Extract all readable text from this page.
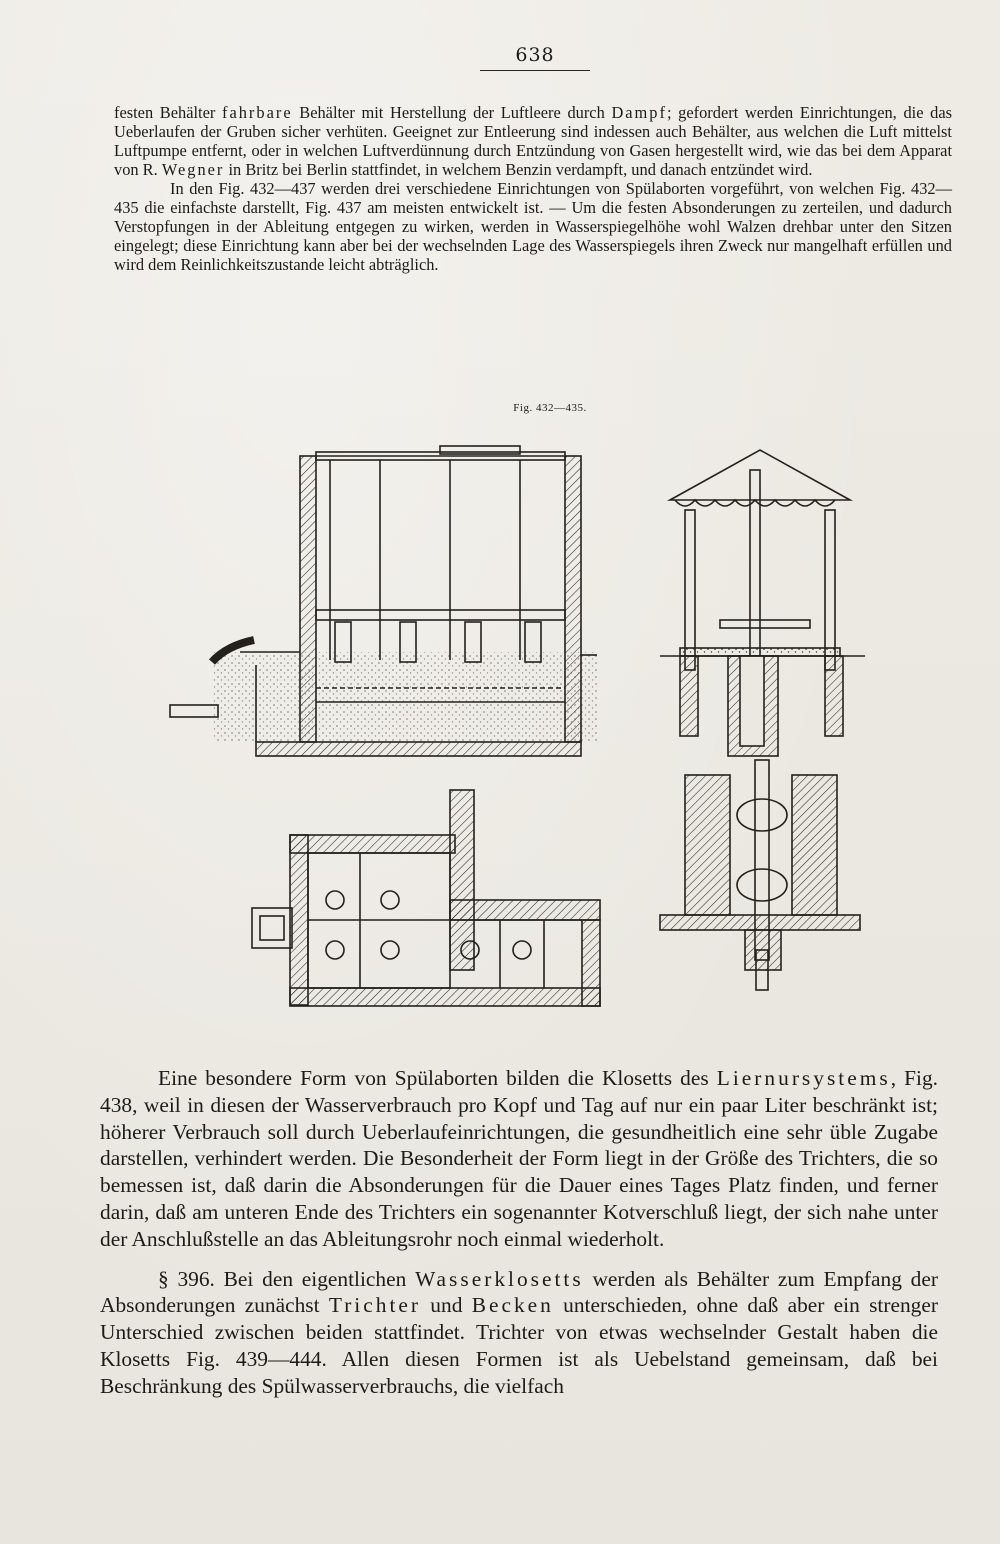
638

festen Behälter fahrbare Behälter mit Herstellung der Luftleere durch Dampf; gefordert werden Einrichtungen, die das Ueberlaufen der Gruben sicher verhüten. Geeignet zur Entleerung sind indessen auch Behälter, aus welchen die Luft mittelst Luftpumpe entfernt, oder in welchen Luftverdünnung durch Entzündung von Gasen hergestellt wird, wie das bei dem Apparat von R. Wegner in Britz bei Berlin stattfindet, in welchem Benzin verdampft, und danach entzündet wird.

In den Fig. 432—437 werden drei verschiedene Einrichtungen von Spülaborten vorgeführt, von welchen Fig. 432—435 die einfachste darstellt, Fig. 437 am meisten entwickelt ist. — Um die festen Absonderungen zu zerteilen, und dadurch Verstopfungen in der Ableitung entgegen zu wirken, werden in Wasserspiegelhöhe wohl Walzen drehbar unter den Sitzen eingelegt; diese Einrichtung kann aber bei der wechselnden Lage des Wasserspiegels ihren Zweck nur mangelhaft erfüllen und wird dem Reinlichkeitszustande leicht abträglich.

Fig. 432—435.

Eine besondere Form von Spülaborten bilden die Klosetts des Liernursystems, Fig. 438, weil in diesen der Wasserverbrauch pro Kopf und Tag auf nur ein paar Liter beschränkt ist; höherer Verbrauch soll durch Ueberlaufeinrichtungen, die gesundheitlich eine sehr üble Zugabe darstellen, verhindert werden. Die Besonderheit der Form liegt in der Größe des Trichters, die so bemessen ist, daß darin die Absonderungen für die Dauer eines Tages Platz finden, und ferner darin, daß am unteren Ende des Trichters ein sogenannter Kotverschluß liegt, der sich nahe unter der Anschlußstelle an das Ableitungsrohr noch einmal wiederholt.

§ 396. Bei den eigentlichen Wasserklosetts werden als Behälter zum Empfang der Absonderungen zunächst Trichter und Becken unterschieden, ohne daß aber ein strenger Unterschied zwischen beiden stattfindet. Trichter von etwas wechselnder Gestalt haben die Klosetts Fig. 439—444. Allen diesen Formen ist als Uebelstand gemeinsam, daß bei Beschränkung des Spülwasserverbrauchs, die vielfach
